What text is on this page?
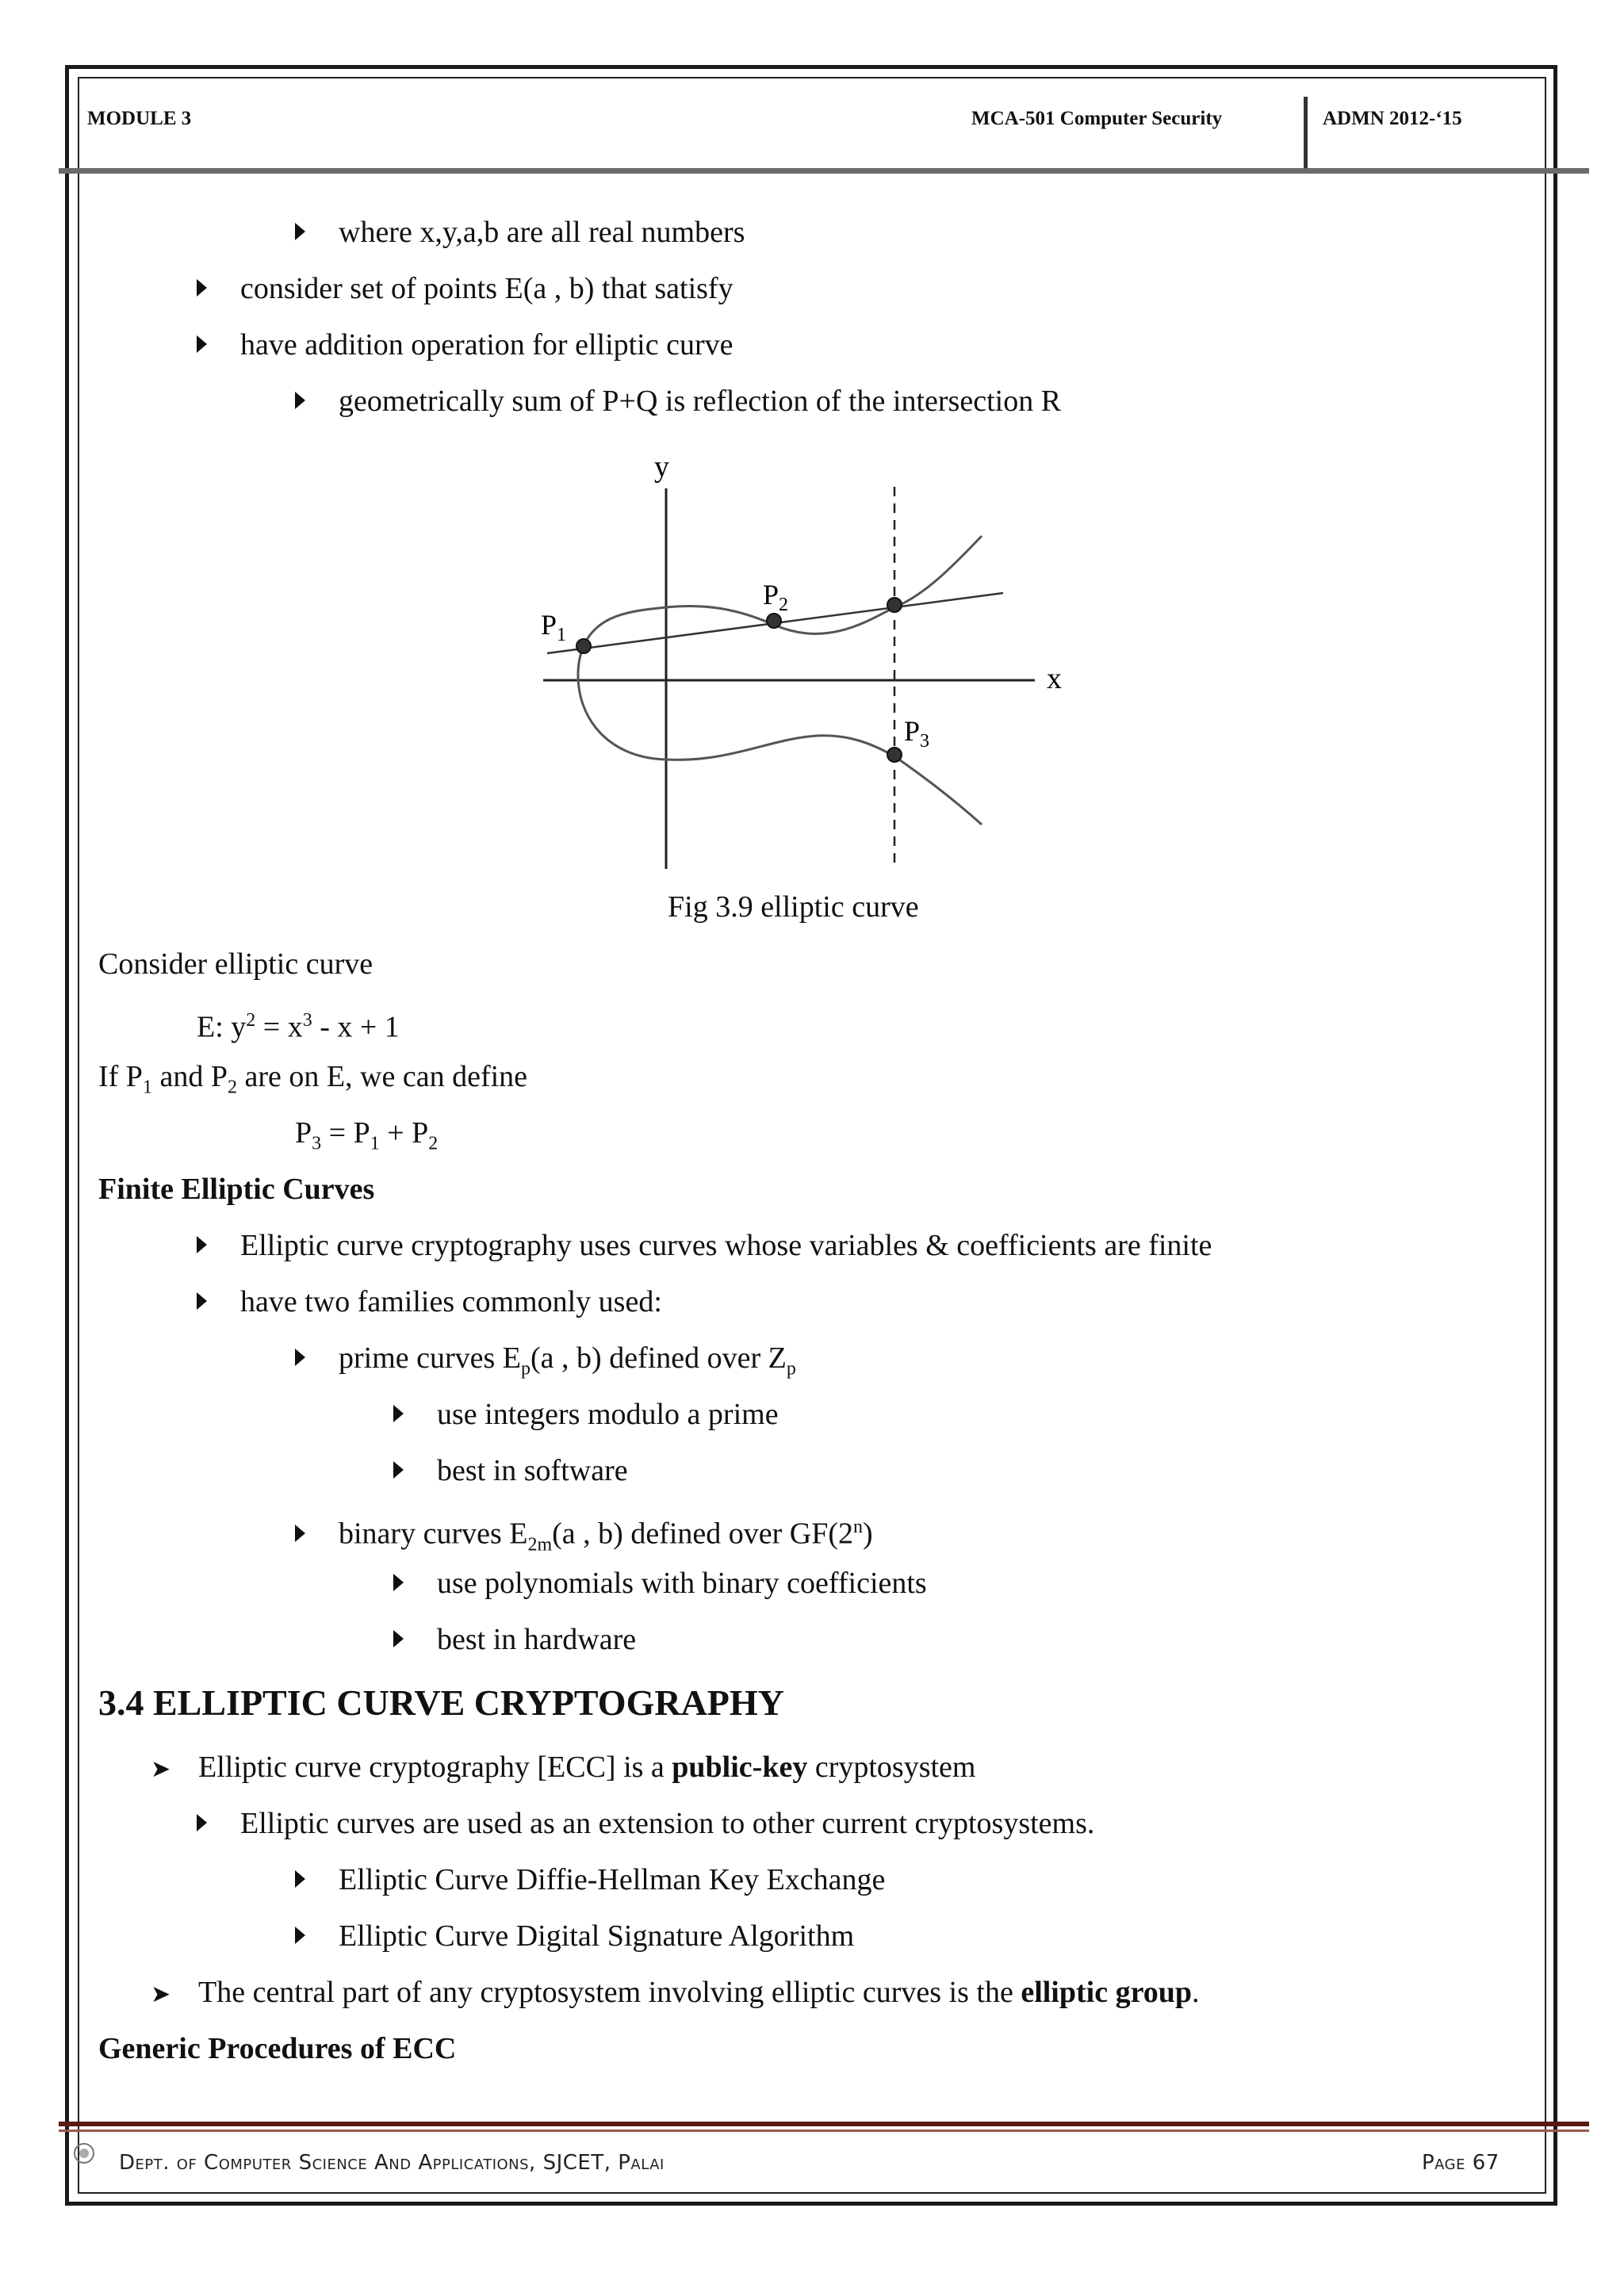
MODULE 3	MCA-501 Computer Security	ADMN 2012-‘15
where x,y,a,b are all real numbers
consider set of points E(a , b) that satisfy
have addition operation for elliptic curve
geometrically sum of P+Q is reflection of the intersection R
y
x
$P_1$
$P_2$
$P_3$
Fig 3.9 elliptic curve
Consider elliptic curve
E: $y^2 = x^3 - x + 1$
If $P_1$ and $P_2$ are on E, we can define
$P_3 = P_1 + P_2$
Finite Elliptic Curves
Elliptic curve cryptography uses curves whose variables & coefficients are finite
have two families commonly used:
prime curves $E_p(a$ , b) defined over $Z_p$
use integers modulo a prime
best in software
binary curves $E_{2m}(a$ , b) defined over GF(2$^n$)
use polynomials with binary coefficients
best in hardware
3.4 ELLIPTIC CURVE CRYPTOGRAPHY
➤ Elliptic curve cryptography [ECC] is a public-key cryptosystem
Elliptic curves are used as an extension to other current cryptosystems.
Elliptic Curve Diffie-Hellman Key Exchange
Elliptic Curve Digital Signature Algorithm
➤ The central part of any cryptosystem involving elliptic curves is the elliptic group.
Generic Procedures of ECC
Dept. of Computer Science And Applications, SJCET, Palai	Page 67
